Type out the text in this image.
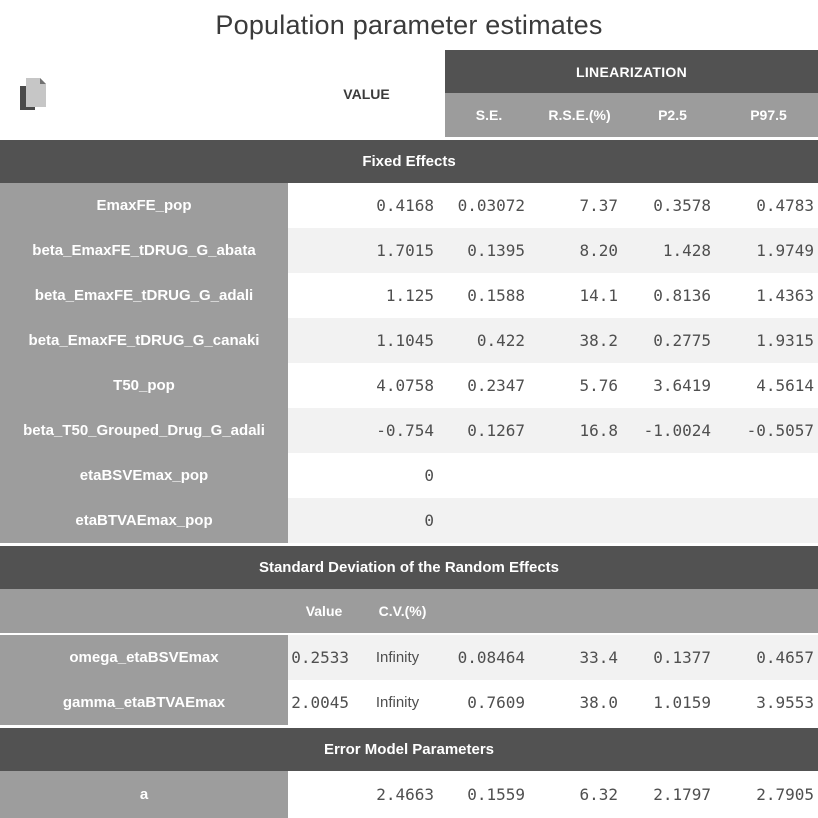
Population parameter estimates
VALUE
LINEARIZATION
S.E.	R.S.E.(%)	P2.5	P97.5
Fixed Effects
EmaxFE_pop	0.4168	0.03072	7.37	0.3578	0.4783
beta_EmaxFE_tDRUG_G_abata	1.7015	0.1395	8.20	1.428	1.9749
beta_EmaxFE_tDRUG_G_adali	1.125	0.1588	14.1	0.8136	1.4363
beta_EmaxFE_tDRUG_G_canaki	1.1045	0.422	38.2	0.2775	1.9315
T50_pop	4.0758	0.2347	5.76	3.6419	4.5614
beta_T50_Grouped_Drug_G_adali	-0.754	0.1267	16.8	-1.0024	-0.5057
etaBSVEmax_pop	0
etaBTVAEmax_pop	0
Standard Deviation of the Random Effects
Value	C.V.(%)
omega_etaBSVEmax	0.2533	Infinity	0.08464	33.4	0.1377	0.4657
gamma_etaBTVAEmax	2.0045	Infinity	0.7609	38.0	1.0159	3.9553
Error Model Parameters
a	2.4663	0.1559	6.32	2.1797	2.7905
